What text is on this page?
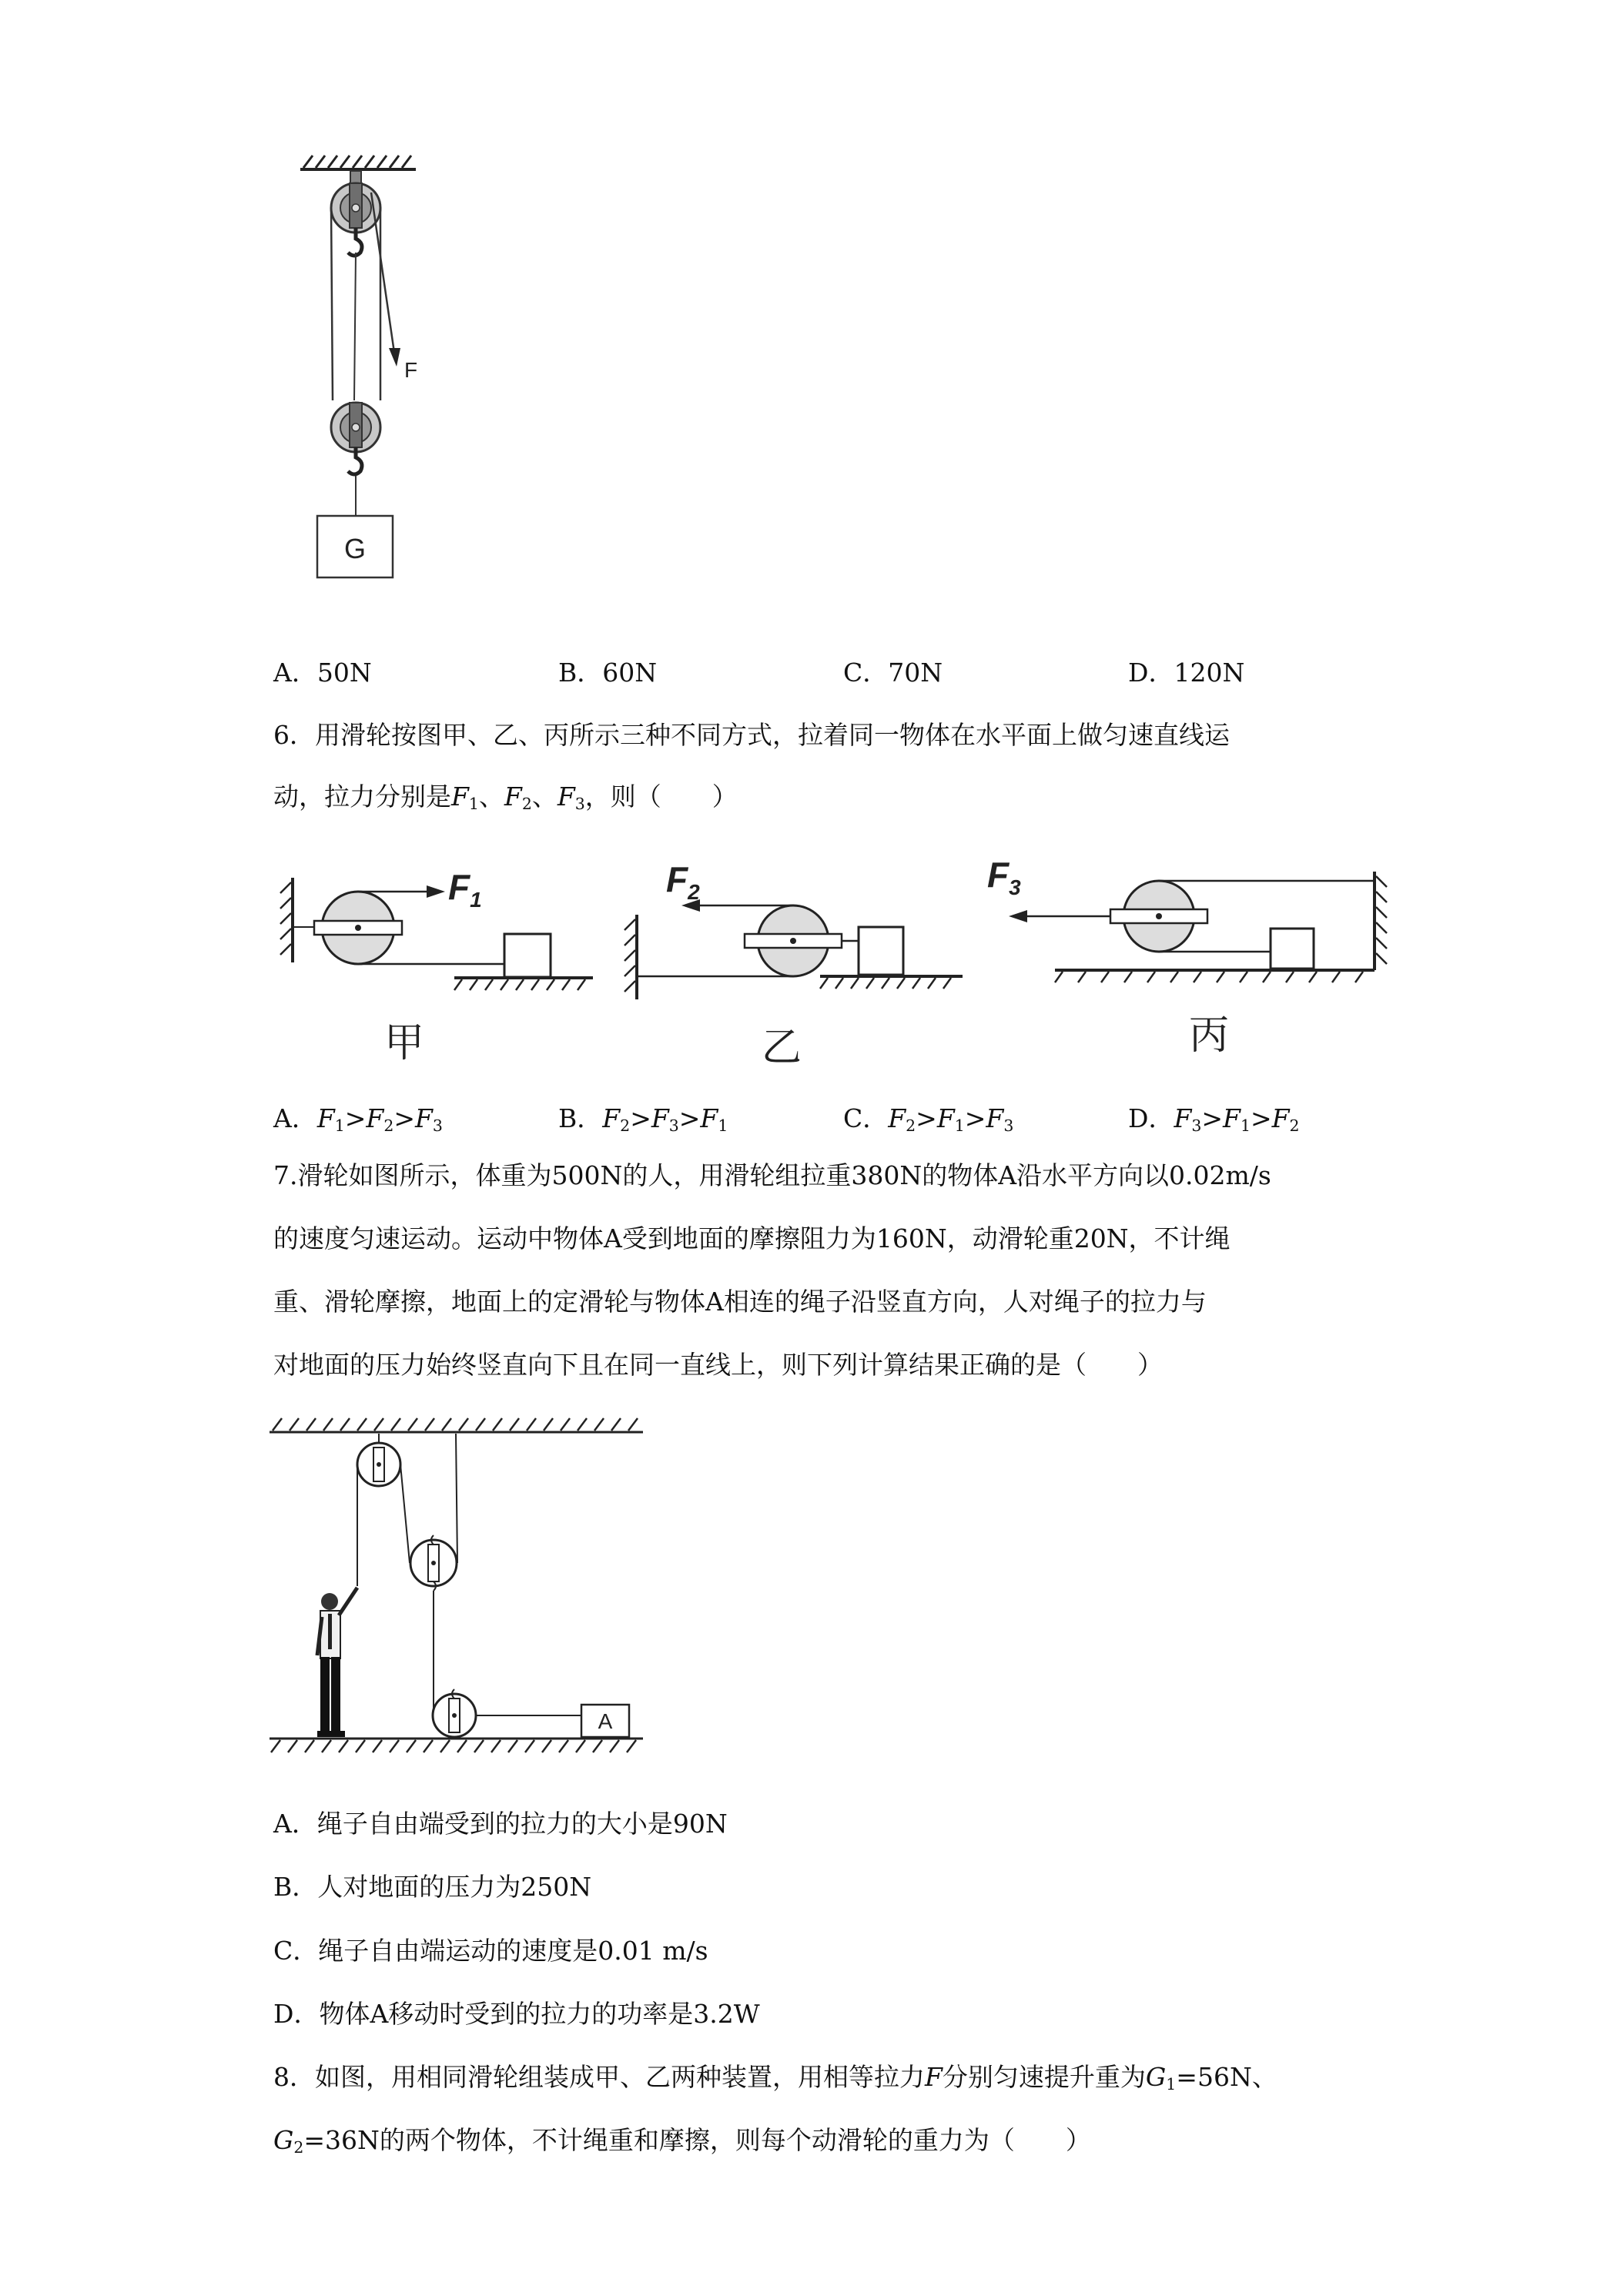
F
G
A．50N	B．60N	C．70N	D．120N
6．用滑轮按图甲、乙、丙所示三种不同方式，拉着同一物体在水平面上做匀速直线运
动，拉力分别是$F_1$、$F_2$、$F_3$，则（　　）
$F_1$
甲
$F_2$
乙
$F_3$
丙
A．$F_1>F_2>F_3$	B．$F_2>F_3>F_1$	C．$F_2>F_1>F_3$	D．$F_3>F_1>F_2$
7.滑轮如图所示，体重为500N的人，用滑轮组拉重380N的物体A沿水平方向以0.02m/s
的速度匀速运动。运动中物体A受到地面的摩擦阻力为160N，动滑轮重20N，不计绳
重、滑轮摩擦，地面上的定滑轮与物体A相连的绳子沿竖直方向，人对绳子的拉力与
对地面的压力始终竖直向下且在同一直线上，则下列计算结果正确的是（　　）
A
A．绳子自由端受到的拉力的大小是90N
B．人对地面的压力为250N
C．绳子自由端运动的速度是0.01 m/s
D．物体A移动时受到的拉力的功率是3.2W
8．如图，用相同滑轮组装成甲、乙两种装置，用相等拉力F分别匀速提升重为$G_1=56N$、
$G_2=36N$的两个物体，不计绳重和摩擦，则每个动滑轮的重力为（　　）
